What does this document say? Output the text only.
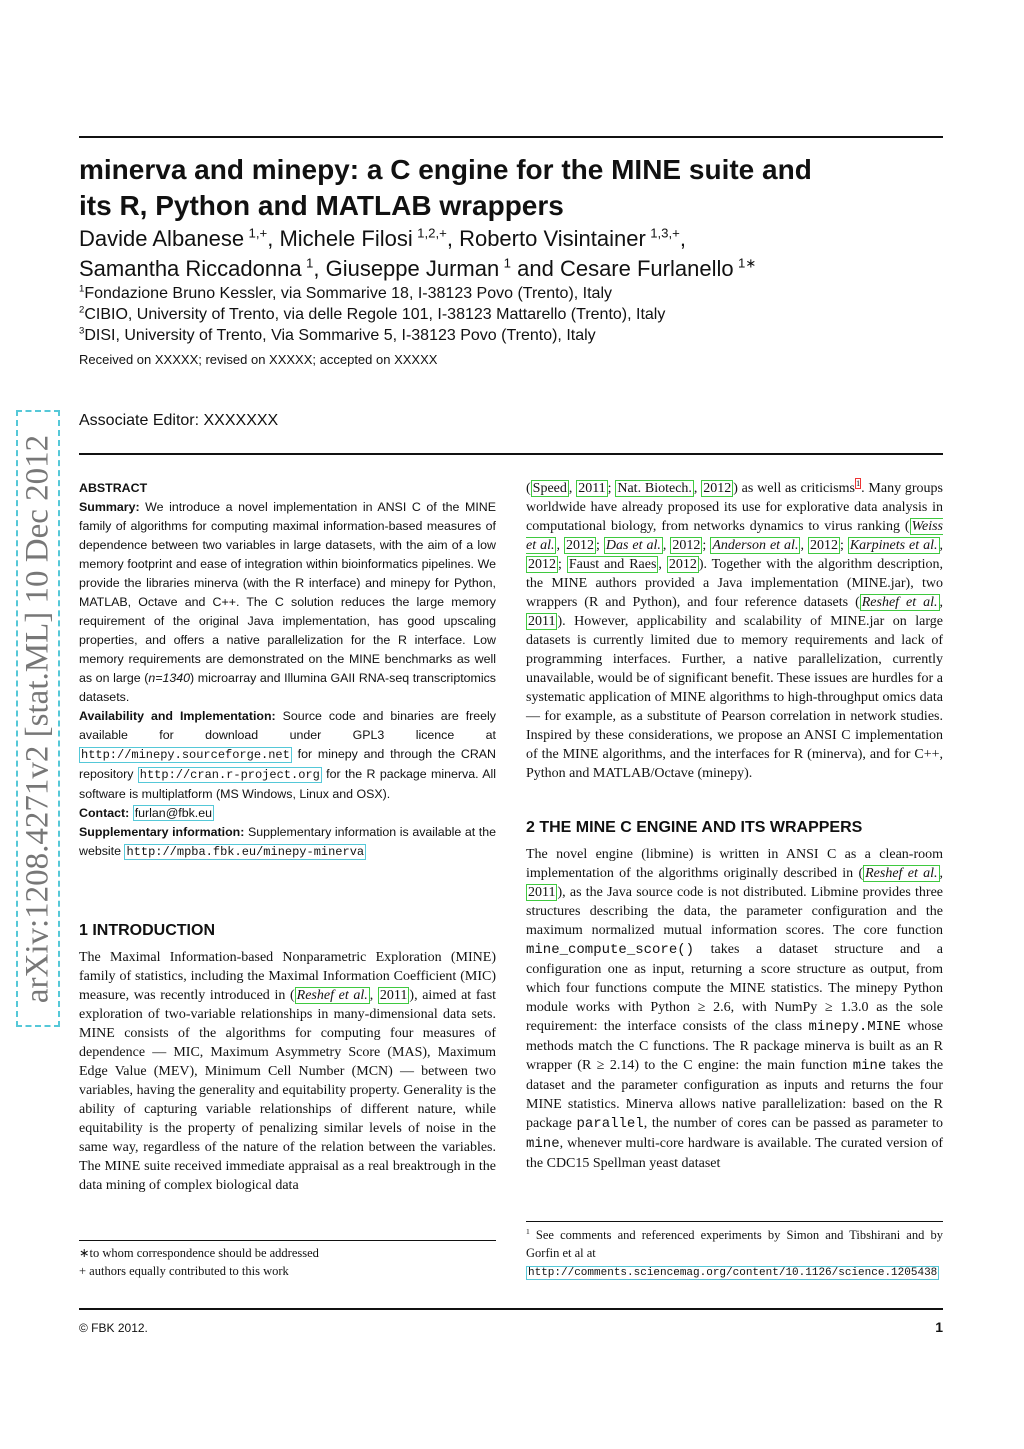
arXiv:1208.4271v2 [stat.ML] 10 Dec 2012
minerva and minepy: a C engine for the MINE suite and its R, Python and MATLAB wrappers
Davide Albanese  $^{1,+}$, Michele Filosi  $^{1,2,+}$, Roberto Visintainer  $^{1,3,+}$,
Samantha Riccadonna  $^1$, Giuseppe Jurman  $^1$ and Cesare Furlanello  $^{1∗}$
$^1$Fondazione Bruno Kessler, via Sommarive 18, I-38123 Povo (Trento), Italy
$^2$CIBIO, University of Trento, via delle Regole 101, I-38123 Mattarello (Trento), Italy
$^3$DISI, University of Trento, Via Sommarive 5, I-38123 Povo (Trento), Italy
Received on XXXXX; revised on XXXXX; accepted on XXXXX
Associate Editor: XXXXXXX

ABSTRACT

Summary: We introduce a novel implementation in ANSI C of the MINE family of algorithms for computing maximal information-based measures of dependence between two variables in large datasets, with the aim of a low memory footprint and ease of integration within bioinformatics pipelines. We provide the libraries minerva (with the R interface) and minepy for Python, MATLAB, Octave and C++. The C solution reduces the large memory requirement of the original Java implementation, has good upscaling properties, and offers a native parallelization for the R interface. Low memory requirements are demonstrated on the MINE benchmarks as well as on large (n=1340) microarray and Illumina GAII RNA-seq transcriptomics datasets.

Availability and Implementation: Source code and binaries are freely available for download under GPL3 licence at http://minepy.sourceforge.net for minepy and through the CRAN repository http://cran.r-project.org for the R package minerva. All software is multiplatform (MS Windows, Linux and OSX).

Contact: furlan@fbk.eu

Supplementary information: Supplementary information is available at the website http://mpba.fbk.eu/minepy-minerva

1 INTRODUCTION

The Maximal Information-based Nonparametric Exploration (MINE) family of statistics, including the Maximal Information Coefficient (MIC) measure, was recently introduced in ( Reshef et al. , 2011 ), aimed at fast exploration of two-variable relationships in many-dimensional data sets. MINE consists of the algorithms for computing four measures of dependence — MIC, Maximum Asymmetry Score (MAS), Maximum Edge Value (MEV), Minimum Cell Number (MCN) — between two variables, having the generality and equitability property. Generality is the ability of capturing variable relationships of different nature, while equitability is the property of penalizing similar levels of noise in the same way, regardless of the nature of the relation between the variables. The MINE suite received immediate appraisal as a real breaktrough in the data mining of complex biological data

∗to whom correspondence should be addressed
+ authors equally contributed to this work

( Speed , 2011 ; Nat. Biotech. , 2012 ) as well as criticisms$^1$. Many groups worldwide have already proposed its use for explorative data analysis in computational biology, from networks dynamics to virus ranking ( Weiss et al. , 2012 ; Das et al. , 2012 ; Anderson et al. , 2012 ; Karpinets et al. , 2012 ; Faust and Raes , 2012 ). Together with the algorithm description, the MINE authors provided a Java implementation (MINE.jar), two wrappers (R and Python), and four reference datasets ( Reshef et al. , 2011 ). However, applicability and scalability of MINE.jar on large datasets is currently limited due to memory requirements and lack of programming interfaces. Further, a native parallelization, currently unavailable, would be of significant benefit. These issues are hurdles for a systematic application of MINE algorithms to high-throughput omics data — for example, as a substitute of Pearson correlation in network studies. Inspired by these considerations, we propose an ANSI C implementation of the MINE algorithms, and the interfaces for R (minerva), and for C++, Python and MATLAB/Octave (minepy).

2 THE MINE C ENGINE AND ITS WRAPPERS

The novel engine (libmine) is written in ANSI C as a clean-room implementation of the algorithms originally described in ( Reshef et al. , 2011 ), as the Java source code is not distributed. Libmine provides three structures describing the data, the parameter configuration and the maximum normalized mutual information scores. The core function mine_compute_score() takes a dataset structure and a configuration one as input, returning a score structure as output, from which four functions compute the MINE statistics. The minepy Python module works with Python ≥ 2.6, with NumPy ≥ 1.3.0 as the sole requirement: the interface consists of the class minepy.MINE whose methods match the C functions. The R package minerva is built as an R wrapper (R ≥ 2.14) to the C engine: the main function mine takes the dataset and the parameter configuration as inputs and returns the four MINE statistics. Minerva allows native parallelization: based on the R package parallel, the number of cores can be passed as parameter to mine, whenever multi-core hardware is available. The curated version of the CDC15 Spellman yeast dataset

$^1$ See comments and referenced experiments by Simon and Tibshirani and by Gorfin et al at
http://comments.sciencemag.org/content/10.1126/science.1205438
© FBK 2012.	1
